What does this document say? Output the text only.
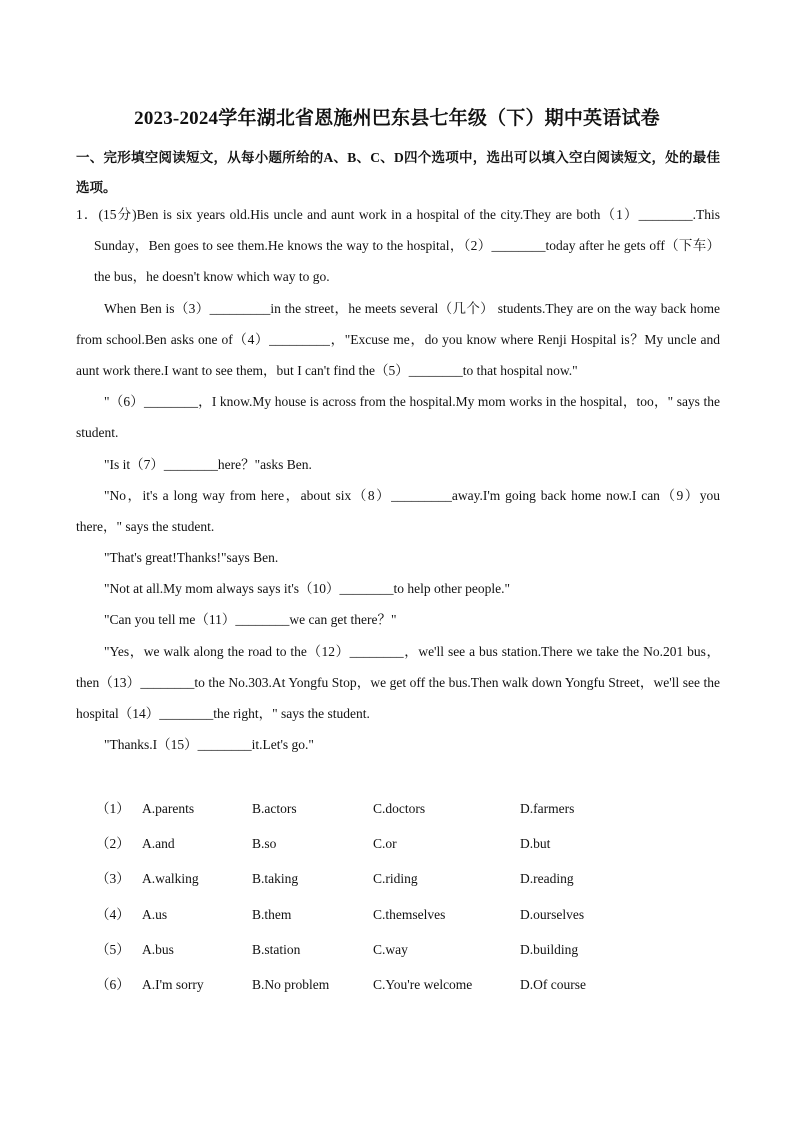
2023-2024学年湖北省恩施州巴东县七年级（下）期中英语试卷
一、完形填空阅读短文，从每小题所给的A、B、C、D四个选项中，选出可以填入空白阅读短文，处的最佳选项。
1．(15分)Ben is six years old.His uncle and aunt work in a hospital of the city.They are both（1）________.This Sunday，Ben goes to see them.He knows the way to the hospital，（2）________today after he gets off（下车） the bus，he doesn't know which way to go.
When Ben is（3）_________in the street，he meets several（几个） students.They are on the way back home from school.Ben asks one of（4）_________，"Excuse me，do you know where Renji Hospital is？My uncle and aunt work there.I want to see them，but I can't find the（5）________to that hospital now."
"（6）________，I know.My house is across from the hospital.My mom works in the hospital，too，" says the student.
"Is it（7）________here？"asks Ben.
"No，it's a long way from here，about six（8）_________away.I'm going back home now.I can（9）you there，" says the student.
"That's great!Thanks!"says Ben.
"Not at all.My mom always says it's（10）________to help other people."
"Can you tell me（11）________we can get there？"
"Yes，we walk along the road to the（12）________，we'll see a bus station.There we take the No.201 bus，then（13）________to the No.303.At Yongfu Stop，we get off the bus.Then walk down Yongfu Street，we'll see the hospital（14）________the right，" says the student.
"Thanks.I（15）________it.Let's go."
（1） A.parents	B.actors	C.doctors	D.farmers
（2） A.and	B.so	C.or	D.but
（3） A.walking	B.taking	C.riding	D.reading
（4） A.us	B.them	C.themselves	D.ourselves
（5） A.bus	B.station	C.way	D.building
（6） A.I'm sorry	B.No problem	C.You're welcome	D.Of course
